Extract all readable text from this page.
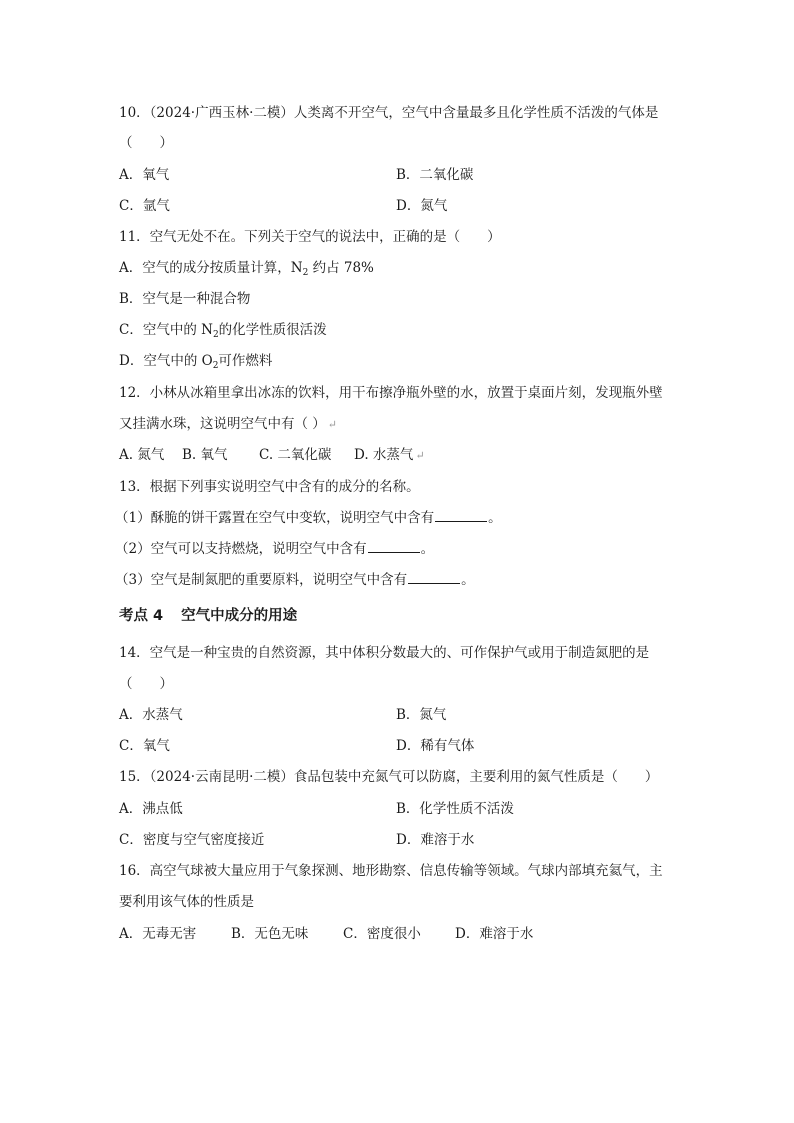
10．（2024·广西玉林·二模）人类离不开空气，空气中含量最多且化学性质不活泼的气体是
（　　）
A．氧气	B．二氧化碳
C．氩气	D．氮气
11．空气无处不在。下列关于空气的说法中，正确的是（　　）
A．空气的成分按质量计算，$N_2$ 约占 78%
B．空气是一种混合物
C．空气中的 $N_2$的化学性质很活泼
D．空气中的 $O_2$可作燃料
12．小林从冰箱里拿出冰冻的饮料，用干布擦净瓶外壁的水，放置于桌面片刻，发现瓶外壁
又挂满水珠，这说明空气中有（ ） ↵
A. 氮气 B. 氧气 C. 二氧化碳 D. 水蒸气 ↵
13．根据下列事实说明空气中含有的成分的名称。
（1）酥脆的饼干露置在空气中变软，说明空气中含有	。
（2）空气可以支持燃烧，说明空气中含有	。
（3）空气是制氮肥的重要原料，说明空气中含有	。
考点 4 空气中成分的用途
14．空气是一种宝贵的自然资源，其中体积分数最大的、可作保护气或用于制造氮肥的是
（　　）
A．水蒸气	B．氮气
C．氧气	D．稀有气体
15．（2024·云南昆明·二模）食品包装中充氮气可以防腐，主要利用的氮气性质是（　　）
A．沸点低	B．化学性质不活泼
C．密度与空气密度接近	D．难溶于水
16．高空气球被大量应用于气象探测、地形勘察、信息传输等领域。气球内部填充氦气，主
要利用该气体的性质是
A．无毒无害	B．无色无味	C．密度很小	D．难溶于水
